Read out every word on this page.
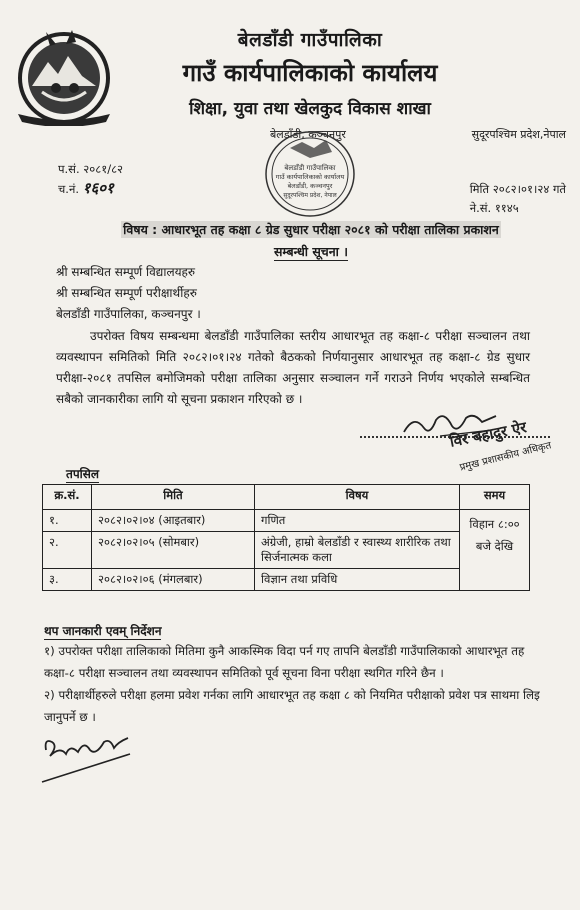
बेलडाँडी गाउँपालिका
गाउँ कार्यपालिकाको कार्यालय
शिक्षा, युवा तथा खेलकुद विकास शाखा
बेलडाँडी, कञ्चनपुर	सुदूरपश्चिम प्रदेश,नेपाल
बेलडाँडी गाउँपालिका
गाउँ कार्यपालिकाको कार्यालय
बेलडाँडी, कञ्चनपुर
सुदूरपश्चिम प्रदेश, नेपाल
प.सं. २०८१/८२
च.नं. १६०१	मिति २०८२।०१।२४ गते
ने.सं. ११४५
विषय : आधारभूत तह कक्षा ८ ग्रेड सुधार परीक्षा २०८१ को परीक्षा तालिका प्रकाशन
सम्बन्धी सूचना ।
श्री सम्बन्धित सम्पूर्ण विद्यालयहरु
श्री सम्बन्धित सम्पूर्ण परीक्षार्थीहरु
बेलडाँडी गाउँपालिका, कञ्चनपुर ।
उपरोक्त विषय सम्बन्धमा बेलडाँडी गाउँपालिका स्तरीय आधारभूत तह कक्षा-८ परीक्षा सञ्चालन तथा व्यवस्थापन समितिको मिति २०८२।०१।२४ गतेको बैठकको निर्णयानुसार आधारभूत तह कक्षा-८ ग्रेड सुधार परीक्षा-२०८१ तपसिल बमोजिमको परीक्षा तालिका अनुसार सञ्चालन गर्ने गराउने निर्णय भएकोले सम्बन्धित सबैको जानकारीका लागि यो सूचना प्रकाशन गरिएको छ ।
विर बहादुर ऐर
प्रमुख प्रशासकीय अधिकृत
तपसिल
क्र.सं.	मिति	विषय	समय
१.	२०८२।०२।०४ (आइतबार)	गणित	विहान ८:००
बजे देखि

२.	२०८२।०२।०५ (सोमबार)	अंग्रेजी, हाम्रो बेलडाँडी र स्वास्थ्य शारीरिक तथा सिर्जनात्मक कला	
३.	२०८२।०२।०६ (मंगलबार)	विज्ञान तथा प्रविधि	
थप जानकारी एवम् निर्देशन
१) उपरोक्त परीक्षा तालिकाको मितिमा कुनै आकस्मिक विदा पर्न गए तापनि बेलडाँडी गाउँपालिकाको आधारभूत तह कक्षा-८ परीक्षा सञ्चालन तथा व्यवस्थापन समितिको पूर्व सूचना विना परीक्षा स्थगित गरिने छैन ।
२) परीक्षार्थीहरुले परीक्षा हलमा प्रवेश गर्नका लागि आधारभूत तह कक्षा ८ को नियमित परीक्षाको प्रवेश पत्र साथमा लिइ जानुपर्ने छ ।
